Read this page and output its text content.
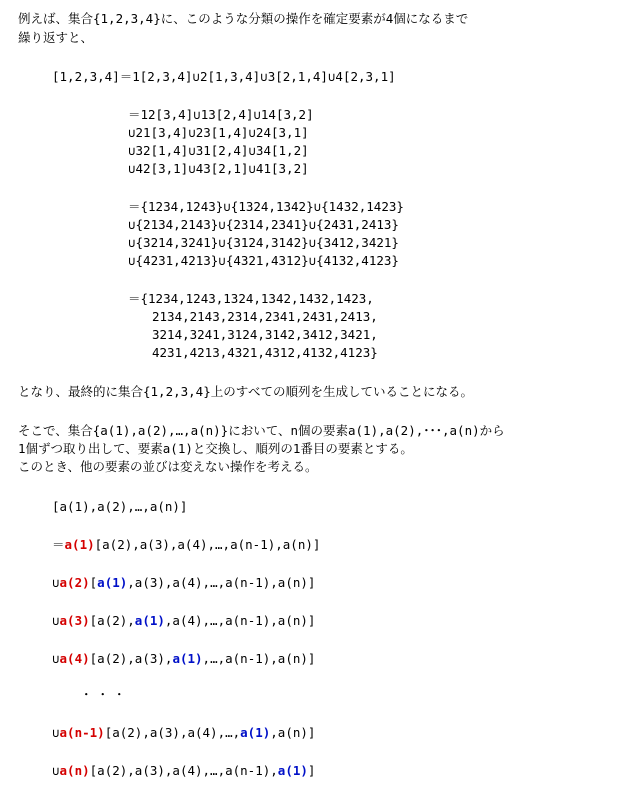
例えば、集合{1,2,3,4}に、このような分類の操作を確定要素が4個になるまで
繰り返すと、
[1,2,3,4]＝1[2,3,4]∪2[1,3,4]∪3[2,1,4]∪4[2,3,1]
＝12[3,4]∪13[2,4]∪14[3,2]
∪21[3,4]∪23[1,4]∪24[3,1]
∪32[1,4]∪31[2,4]∪34[1,2]
∪42[3,1]∪43[2,1]∪41[3,2]
＝{1234,1243}∪{1324,1342}∪{1432,1423}
∪{2134,2143}∪{2314,2341}∪{2431,2413}
∪{3214,3241}∪{3124,3142}∪{3412,3421}
∪{4231,4213}∪{4321,4312}∪{4132,4123}
＝{1234,1243,1324,1342,1432,1423,
2134,2143,2314,2341,2431,2413,
3214,3241,3124,3142,3412,3421,
4231,4213,4321,4312,4132,4123}
となり、最終的に集合{1,2,3,4}上のすべての順列を生成していることになる。
そこで、集合{a(1),a(2),…,a(n)}において、n個の要素a(1),a(2),･･･,a(n)から
1個ずつ取り出して、要素a(1)と交換し、順列の1番目の要素とする。
このとき、他の要素の並びは変えない操作を考える。
[a(1),a(2),…,a(n)]
＝a(1)[a(2),a(3),a(4),…,a(n-1),a(n)]
∪a(2)[a(1),a(3),a(4),…,a(n-1),a(n)]
∪a(3)[a(2),a(1),a(4),…,a(n-1),a(n)]
∪a(4)[a(2),a(3),a(1),…,a(n-1),a(n)]
・・・
∪a(n-1)[a(2),a(3),a(4),…,a(1),a(n)]
∪a(n)[a(2),a(3),a(4),…,a(n-1),a(1)]
